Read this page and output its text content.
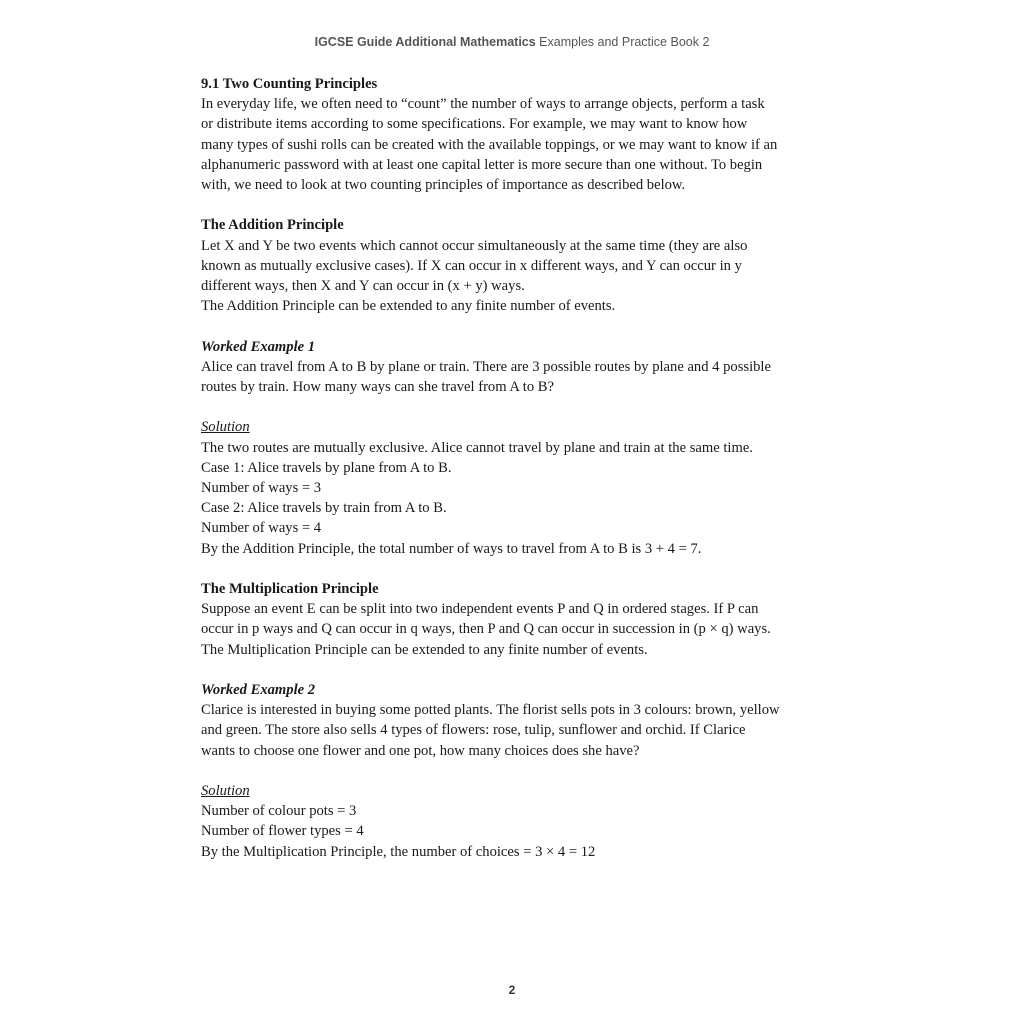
IGCSE Guide Additional Mathematics Examples and Practice Book 2

9.1 Two Counting Principles

In everyday life, we often need to “count” the number of ways to arrange objects, perform a task

or distribute items according to some specifications. For example, we may want to know how

many types of sushi rolls can be created with the available toppings, or we may want to know if an

alphanumeric password with at least one capital letter is more secure than one without. To begin

with, we need to look at two counting principles of importance as described below.

The Addition Principle

Let X and Y be two events which cannot occur simultaneously at the same time (they are also

known as mutually exclusive cases). If X can occur in x different ways, and Y can occur in y

different ways, then X and Y can occur in (x + y) ways.

The Addition Principle can be extended to any finite number of events.

Worked Example 1

Alice can travel from A to B by plane or train. There are 3 possible routes by plane and 4 possible

routes by train. How many ways can she travel from A to B?

Solution

The two routes are mutually exclusive. Alice cannot travel by plane and train at the same time.

Case 1: Alice travels by plane from A to B.

Number of ways = 3

Case 2: Alice travels by train from A to B.

Number of ways = 4

By the Addition Principle, the total number of ways to travel from A to B is 3 + 4 = 7.

The Multiplication Principle

Suppose an event E can be split into two independent events P and Q in ordered stages. If P can

occur in p ways and Q can occur in q ways, then P and Q can occur in succession in (p × q) ways.

The Multiplication Principle can be extended to any finite number of events.

Worked Example 2

Clarice is interested in buying some potted plants. The florist sells pots in 3 colours: brown, yellow

and green. The store also sells 4 types of flowers: rose, tulip, sunflower and orchid. If Clarice

wants to choose one flower and one pot, how many choices does she have?

Solution

Number of colour pots = 3

Number of flower types = 4

By the Multiplication Principle, the number of choices = 3 × 4 = 12

2
